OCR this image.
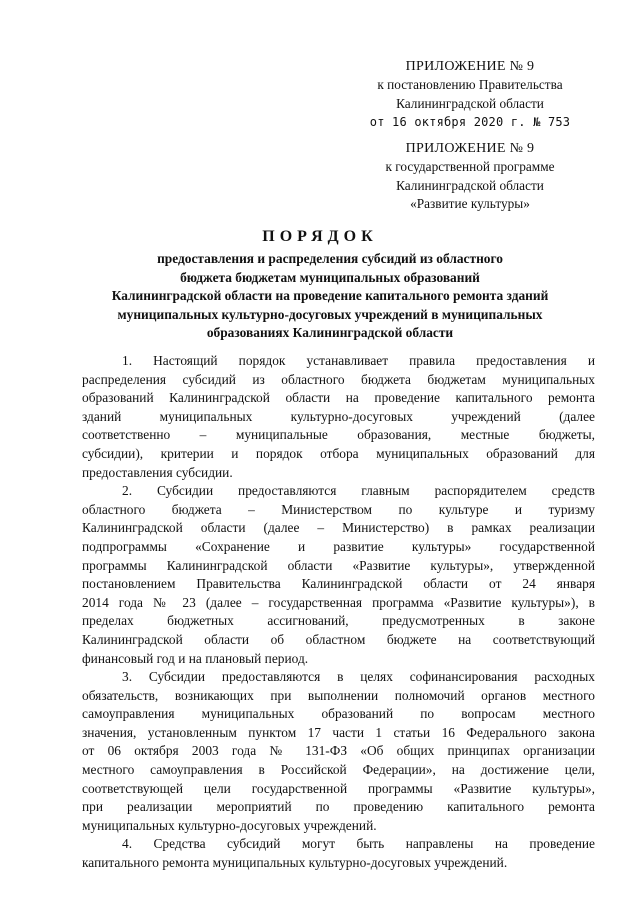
ПРИЛОЖЕНИЕ № 9
к постановлению Правительства
Калининградской области
от 16 октября 2020 г. № 753
ПРИЛОЖЕНИЕ № 9
к государственной программе
Калининградской области
«Развитие культуры»
ПОРЯДОК
предоставления и распределения субсидий из областного
бюджета бюджетам муниципальных образований
Калининградской области на проведение капитального ремонта зданий
муниципальных культурно-досуговых учреждений в муниципальных
образованиях Калининградской области

1. Настоящий порядок устанавливает правила предоставления и
распределения субсидий из областного бюджета бюджетам муниципальных
образований Калининградской области на проведение капитального ремонта
зданий муниципальных культурно-досуговых учреждений (далее
соответственно – муниципальные образования, местные бюджеты,
субсидии), критерии и порядок отбора муниципальных образований для
предоставления субсидии.

2. Субсидии предоставляются главным распорядителем средств
областного бюджета – Министерством по культуре и туризму
Калининградской области (далее – Министерство) в рамках реализации
подпрограммы «Сохранение и развитие культуры» государственной
программы Калининградской области «Развитие культуры», утвержденной
постановлением Правительства Калининградской области от 24 января
2014 года № 23 (далее – государственная программа «Развитие культуры»), в
пределах бюджетных ассигнований, предусмотренных в законе
Калининградской области об областном бюджете на соответствующий
финансовый год и на плановый период.

3. Субсидии предоставляются в целях софинансирования расходных
обязательств, возникающих при выполнении полномочий органов местного
самоуправления муниципальных образований по вопросам местного
значения, установленным пунктом 17 части 1 статьи 16 Федерального закона
от 06 октября 2003 года № 131-ФЗ «Об общих принципах организации
местного самоуправления в Российской Федерации», на достижение цели,
соответствующей цели государственной программы «Развитие культуры»,
при реализации мероприятий по проведению капитального ремонта
муниципальных культурно-досуговых учреждений.

4. Средства субсидий могут быть направлены на проведение
капитального ремонта муниципальных культурно-досуговых учреждений.
